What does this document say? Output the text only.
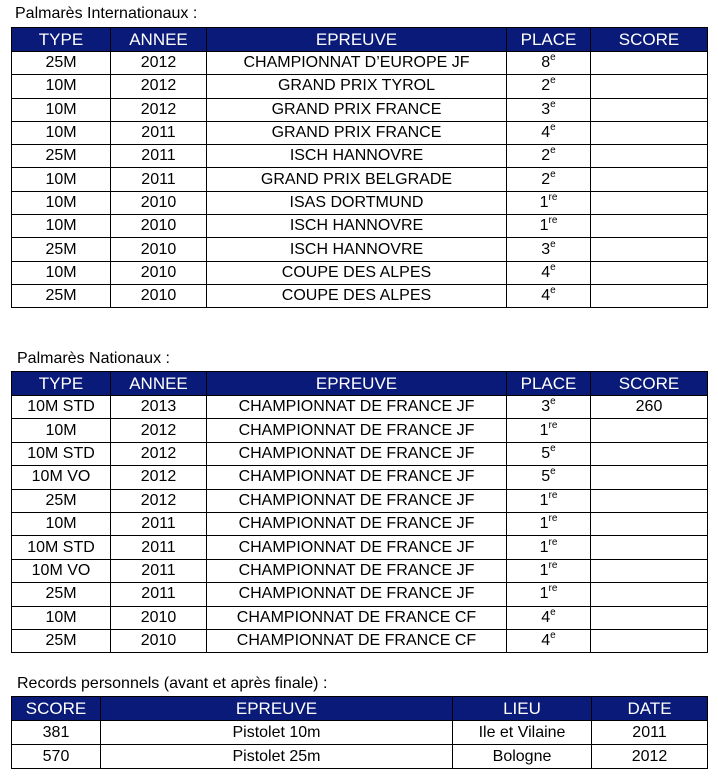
Palmarès Internationaux :
TYPE	ANNEE	EPREUVE	PLACE	SCORE
25M	2012	CHAMPIONNAT D’EUROPE JF	8e	
10M	2012	GRAND PRIX TYROL	2e	
10M	2012	GRAND PRIX FRANCE	3e	
10M	2011	GRAND PRIX FRANCE	4e	
25M	2011	ISCH HANNOVRE	2e	
10M	2011	GRAND PRIX BELGRADE	2e	
10M	2010	ISAS DORTMUND	1re	
10M	2010	ISCH HANNOVRE	1re	
25M	2010	ISCH HANNOVRE	3e	
10M	2010	COUPE DES ALPES	4e	
25M	2010	COUPE DES ALPES	4e	
Palmarès Nationaux :
TYPE	ANNEE	EPREUVE	PLACE	SCORE
10M STD	2013	CHAMPIONNAT DE FRANCE JF	3e	260
10M	2012	CHAMPIONNAT DE FRANCE JF	1re	
10M STD	2012	CHAMPIONNAT DE FRANCE JF	5e	
10M VO	2012	CHAMPIONNAT DE FRANCE JF	5e	
25M	2012	CHAMPIONNAT DE FRANCE JF	1re	
10M	2011	CHAMPIONNAT DE FRANCE JF	1re	
10M STD	2011	CHAMPIONNAT DE FRANCE JF	1re	
10M VO	2011	CHAMPIONNAT DE FRANCE JF	1re	
25M	2011	CHAMPIONNAT DE FRANCE JF	1re	
10M	2010	CHAMPIONNAT DE FRANCE CF	4e	
25M	2010	CHAMPIONNAT DE FRANCE CF	4e	
Records personnels (avant et après finale) :
SCORE	EPREUVE	LIEU	DATE
381	Pistolet 10m	Ile et Vilaine	2011
570	Pistolet 25m	Bologne	2012
